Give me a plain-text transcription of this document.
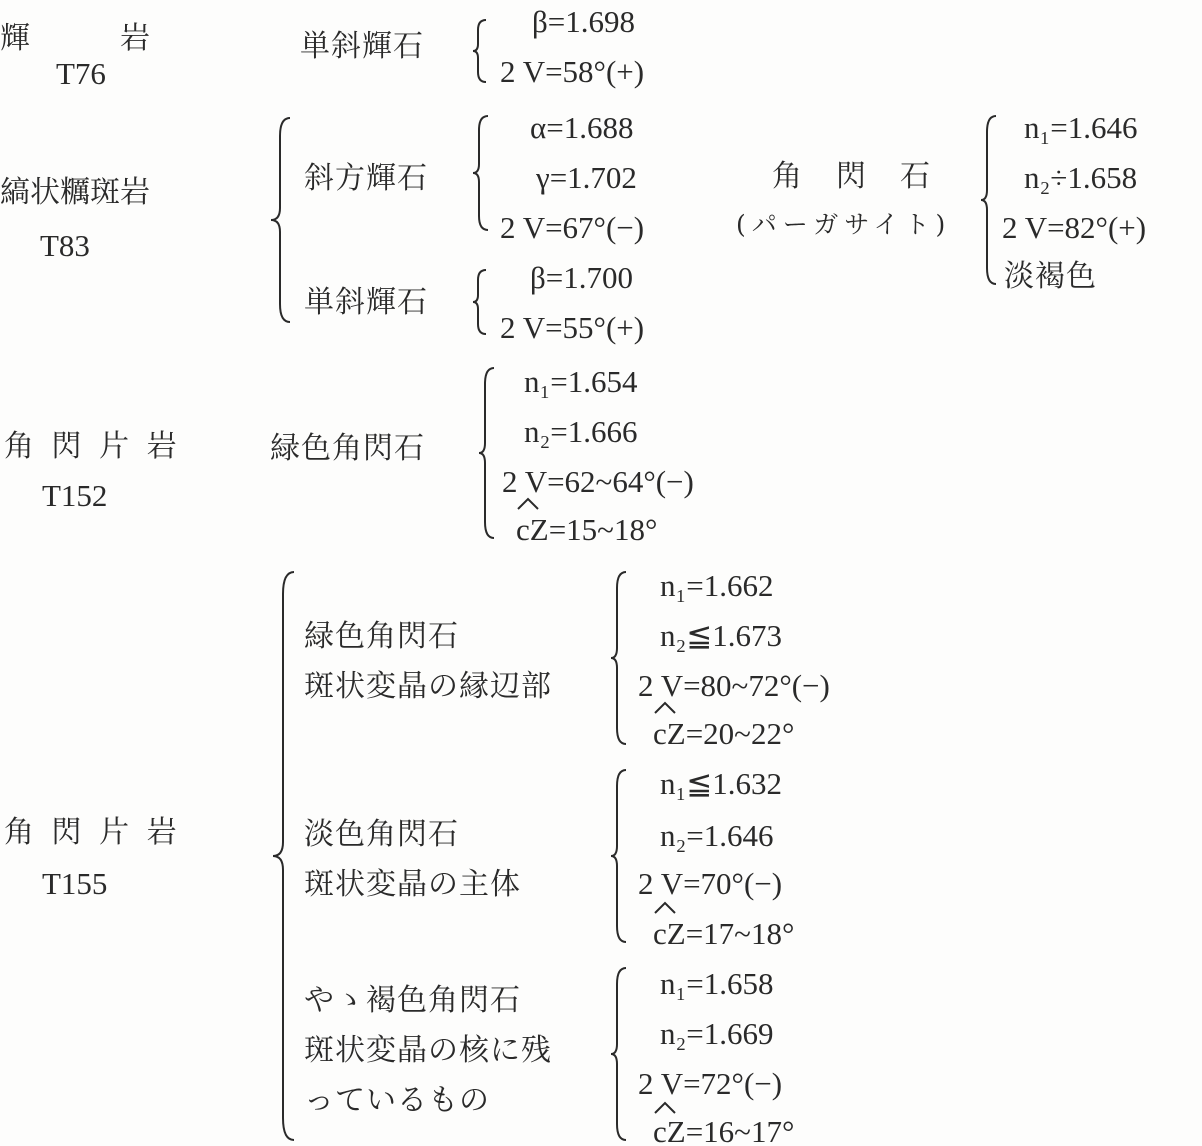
輝　　　岩
T76
単斜輝石
β=1.698
2 V=58°(+)
縞状糲斑岩
T83
斜方輝石
α=1.688
γ=1.702
2 V=67°(−)
単斜輝石
β=1.700
2 V=55°(+)
角　閃　石
(パーガサイト)
n₁=1.646
n₂÷1.658
2 V=82°(+)
淡褐色
角 閃 片 岩
T152
緑色角閃石
n₁=1.654
n₂=1.666
2 V=62~64°(−)
cZ=15~18°
角 閃 片 岩
T155
緑色角閃石
斑状変晶の縁辺部
n₁=1.662
n₂≦1.673
2 V=80~72°(−)
cZ=20~22°
淡色角閃石
斑状変晶の主体
n₁≦1.632
n₂=1.646
2 V=70°(−)
cZ=17~18°
やゝ褐色角閃石
斑状変晶の核に残
っているもの
n₁=1.658
n₂=1.669
2 V=72°(−)
cZ=16~17°
